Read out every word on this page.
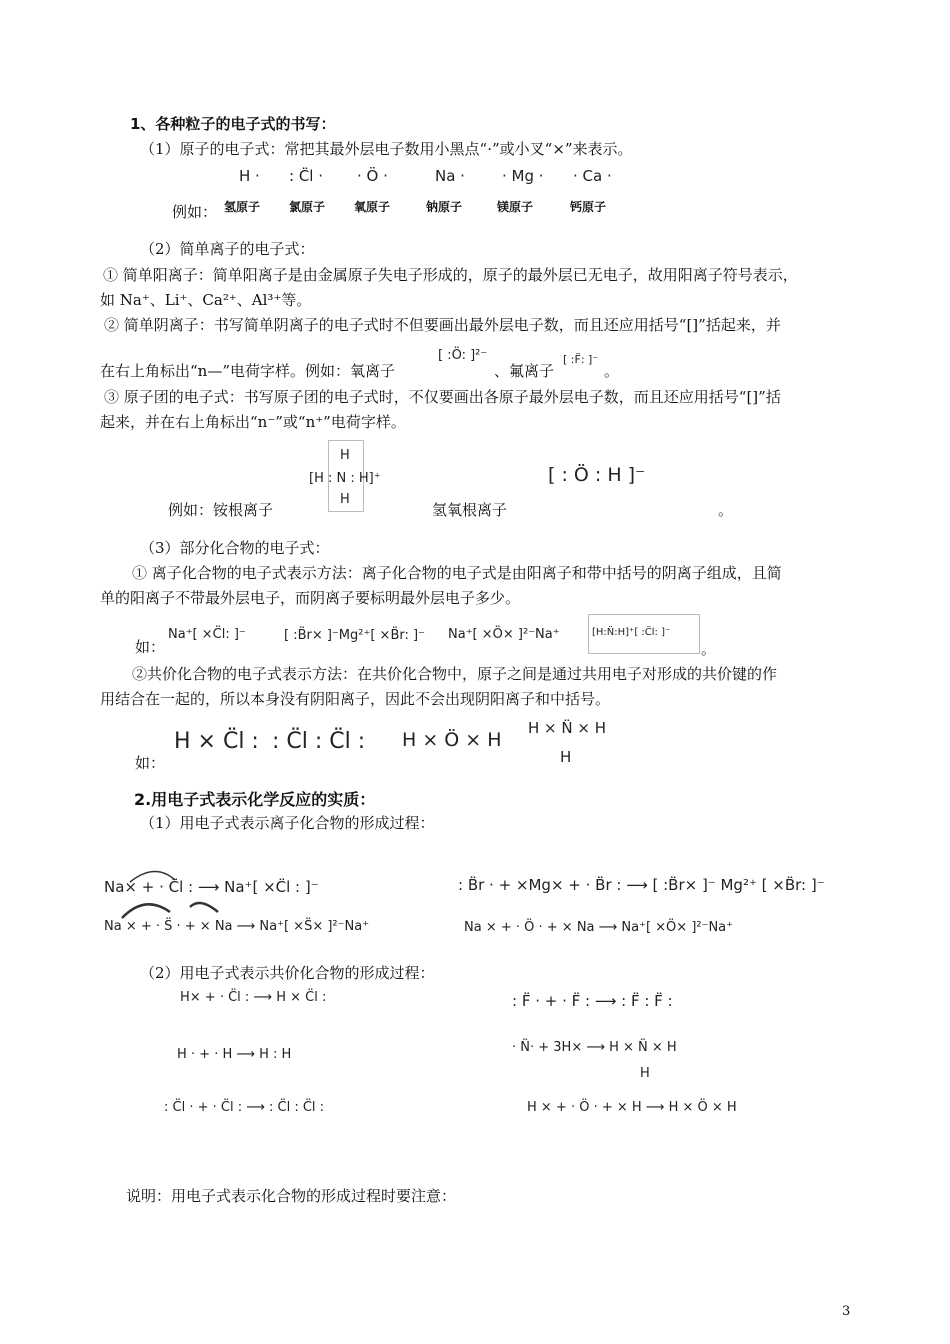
1、各种粒子的电子式的书写：
（1）原子的电子式：常把其最外层电子数用小黑点“·”或小叉“×”来表示。
H · : C̈l · · Ö ·	Na · · Mg · · Ca ·
例如： 氢原子 氯原子 氧原子	钠原子	镁原子	钙原子
（2）简单离子的电子式：
① 简单阳离子：简单阳离子是由金属原子失电子形成的，原子的最外层已无电子，故用阳离子符号表示，
如 Na⁺、Li⁺、Ca²⁺、Al³⁺等。
② 简单阴离子：书写简单阴离子的电子式时不但要画出最外层电子数，而且还应用括号“[]”括起来，并
在右上角标出“n—”电荷字样。例如：氧离子
[ :Ö: ]²⁻
、氟离子
[ :F̈: ]⁻
。
③ 原子团的电子式：书写原子团的电子式时，不仅要画出各原子最外层电子数，而且还应用括号“[]”括
起来，并在右上角标出“n⁻”或“n⁺”电荷字样。
H
[H : N : H]⁺
H
例如：铵根离子	氢氧根离子
[ : Ö : H ]⁻
。
（3）部分化合物的电子式：
① 离子化合物的电子式表示方法：离子化合物的电子式是由阳离子和带中括号的阴离子组成，且简
单的阳离子不带最外层电子，而阴离子要标明最外层电子多少。
如：
Na⁺[ ×C̈l: ]⁻	[ :B̈r× ]⁻Mg²⁺[ ×B̈r: ]⁻ Na⁺[ ×Ö× ]²⁻Na⁺	[H:N̈:H]⁺[ :C̈l: ]⁻
。
②共价化合物的电子式表示方法：在共价化合物中，原子之间是通过共用电子对形成的共价键的作
用结合在一起的，所以本身没有阴阳离子，因此不会出现阴阳离子和中括号。
如：
H × C̈l : : C̈l : C̈l : H × Ö × H
H × N̈ × H
H
2.用电子式表示化学反应的实质：
（1）用电子式表示离子化合物的形成过程：
Na× + · C̈l : ⟶ Na⁺[ ×C̈l : ]⁻	: B̈r · + ×Mg× + · B̈r : ⟶ [ :B̈r× ]⁻ Mg²⁺ [ ×B̈r: ]⁻
Na × + · S̈ · + × Na ⟶ Na⁺[ ×S̈× ]²⁻Na⁺	Na × + · Ö · + × Na ⟶ Na⁺[ ×Ö× ]²⁻Na⁺
（2）用电子式表示共价化合物的形成过程：
H× + · C̈l : ⟶ H × C̈l :	: F̈ · + · F̈ : ⟶ : F̈ : F̈ :
H · + · H ⟶ H : H	· N̈· + 3H× ⟶ H × N̈ × H
H
: C̈l · + · C̈l : ⟶ : C̈l : C̈l :	H × + · Ö · + × H ⟶ H × Ö × H
说明：用电子式表示化合物的形成过程时要注意：
3
